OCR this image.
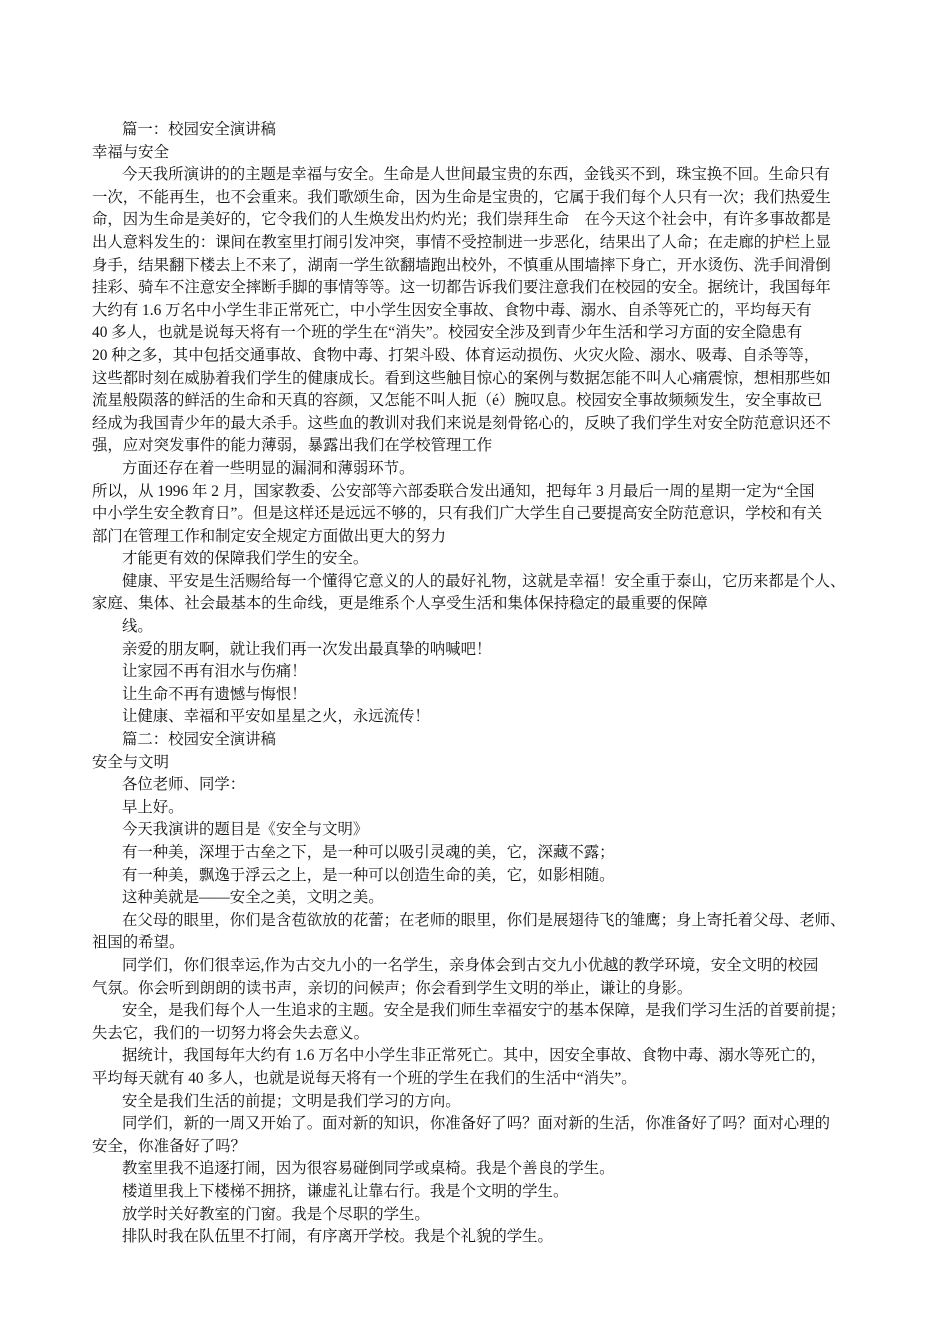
篇一：校园安全演讲稿
幸福与安全
今天我所演讲的的主题是幸福与安全。生命是人世间最宝贵的东西，金钱买不到，珠宝换不回。生命只有
一次，不能再生，也不会重来。我们歌颂生命，因为生命是宝贵的，它属于我们每个人只有一次；我们热爱生
命，因为生命是美好的，它令我们的人生焕发出灼灼光；我们崇拜生命　在今天这个社会中，有许多事故都是
出人意料发生的：课间在教室里打闹引发冲突，事情不受控制进一步恶化，结果出了人命；在走廊的护栏上显
身手，结果翻下楼去上不来了，湖南一学生欲翻墙跑出校外，不慎重从围墙摔下身亡，开水烫伤、洗手间滑倒
挂彩、骑车不注意安全摔断手脚的事情等等。这一切都告诉我们要注意我们在校园的安全。据统计，我国每年
大约有 1.6 万名中小学生非正常死亡，中小学生因安全事故、食物中毒、溺水、自杀等死亡的，平均每天有
40 多人，也就是说每天将有一个班的学生在“消失”。校园安全涉及到青少年生活和学习方面的安全隐患有
20 种之多，其中包括交通事故、食物中毒、打架斗殴、体育运动损伤、火灾火险、溺水、吸毒、自杀等等，
这些都时刻在威胁着我们学生的健康成长。看到这些触目惊心的案例与数据怎能不叫人心痛震惊，想相那些如
流星般陨落的鲜活的生命和天真的容颜，又怎能不叫人扼（é）腕叹息。校园安全事故频频发生，安全事故已
经成为我国青少年的最大杀手。这些血的教训对我们来说是刻骨铭心的，反映了我们学生对安全防范意识还不
强，应对突发事件的能力薄弱，暴露出我们在学校管理工作
方面还存在着一些明显的漏洞和薄弱环节。
所以，从 1996 年 2 月，国家教委、公安部等六部委联合发出通知，把每年 3 月最后一周的星期一定为“全国
中小学生安全教育日”。但是这样还是远远不够的，只有我们广大学生自己要提高安全防范意识，学校和有关
部门在管理工作和制定安全规定方面做出更大的努力
才能更有效的保障我们学生的安全。
健康、平安是生活赐给每一个懂得它意义的人的最好礼物，这就是幸福！安全重于泰山，它历来都是个人、
家庭、集体、社会最基本的生命线，更是维系个人享受生活和集体保持稳定的最重要的保障
线。
亲爱的朋友啊，就让我们再一次发出最真挚的呐喊吧！
让家园不再有泪水与伤痛！
让生命不再有遗憾与悔恨！
让健康、幸福和平安如星星之火，永远流传！
篇二：校园安全演讲稿
安全与文明
各位老师、同学：
早上好。
今天我演讲的题目是《安全与文明》
有一种美，深埋于古垒之下，是一种可以吸引灵魂的美，它，深藏不露；
有一种美，飘逸于浮云之上，是一种可以创造生命的美，它，如影相随。
这种美就是——安全之美，文明之美。
在父母的眼里，你们是含苞欲放的花蕾；在老师的眼里，你们是展翅待飞的雏鹰；身上寄托着父母、老师、
祖国的希望。
同学们，你们很幸运,作为古交九小的一名学生，亲身体会到古交九小优越的教学环境，安全文明的校园
气氛。你会听到朗朗的读书声，亲切的问候声；你会看到学生文明的举止，谦让的身影。
安全，是我们每个人一生追求的主题。安全是我们师生幸福安宁的基本保障，是我们学习生活的首要前提；
失去它，我们的一切努力将会失去意义。
据统计，我国每年大约有 1.6 万名中小学生非正常死亡。其中，因安全事故、食物中毒、溺水等死亡的，
平均每天就有 40 多人，也就是说每天将有一个班的学生在我们的生活中“消失”。
安全是我们生活的前提；文明是我们学习的方向。
同学们，新的一周又开始了。面对新的知识，你准备好了吗？面对新的生活，你准备好了吗？面对心理的
安全，你准备好了吗？
教室里我不追逐打闹，因为很容易碰倒同学或桌椅。我是个善良的学生。
楼道里我上下楼梯不拥挤，谦虚礼让靠右行。我是个文明的学生。
放学时关好教室的门窗。我是个尽职的学生。
排队时我在队伍里不打闹，有序离开学校。我是个礼貌的学生。
